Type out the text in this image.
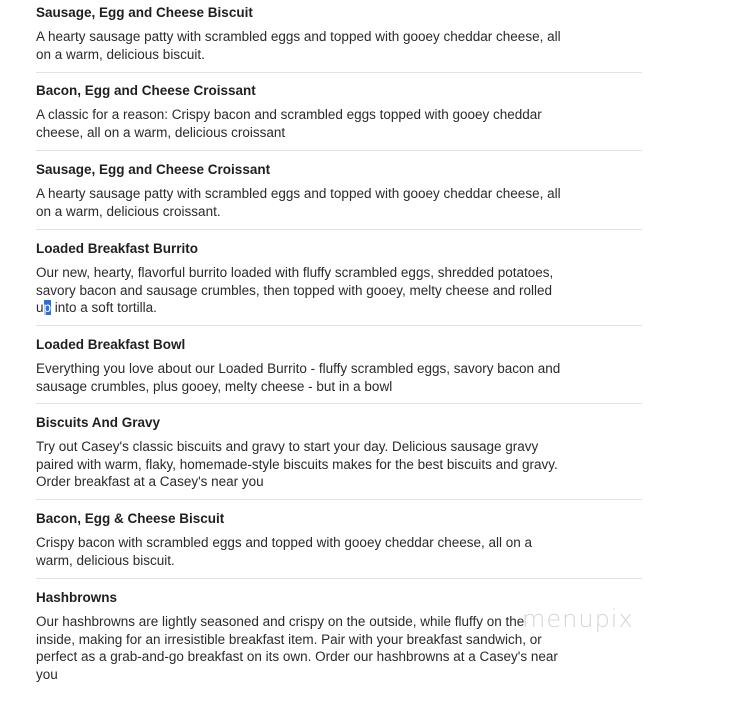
Sausage, Egg and Cheese Biscuit

A hearty sausage patty with scrambled eggs and topped with gooey cheddar cheese, all on a warm, delicious biscuit.

Bacon, Egg and Cheese Croissant

A classic for a reason: Crispy bacon and scrambled eggs topped with gooey cheddar cheese, all on a warm, delicious croissant

Sausage, Egg and Cheese Croissant

A hearty sausage patty with scrambled eggs and topped with gooey cheddar cheese, all on a warm, delicious croissant.

Loaded Breakfast Burrito

Our new, hearty, flavorful burrito loaded with fluffy scrambled eggs, shredded potatoes, savory bacon and sausage crumbles, then topped with gooey, melty cheese and rolled up into a soft tortilla.

Loaded Breakfast Bowl

Everything you love about our Loaded Burrito - fluffy scrambled eggs, savory bacon and sausage crumbles, plus gooey, melty cheese - but in a bowl

Biscuits And Gravy

Try out Casey's classic biscuits and gravy to start your day. Delicious sausage gravy paired with warm, flaky, homemade-style biscuits makes for the best biscuits and gravy. Order breakfast at a Casey's near you

Bacon, Egg & Cheese Biscuit

Crispy bacon with scrambled eggs and topped with gooey cheddar cheese, all on a warm, delicious biscuit.

Hashbrowns

Our hashbrowns are lightly seasoned and crispy on the outside, while fluffy on the inside, making for an irresistible breakfast item. Pair with your breakfast sandwich, or perfect as a grab-and-go breakfast on its own. Order our hashbrowns at a Casey's near you

menupix
